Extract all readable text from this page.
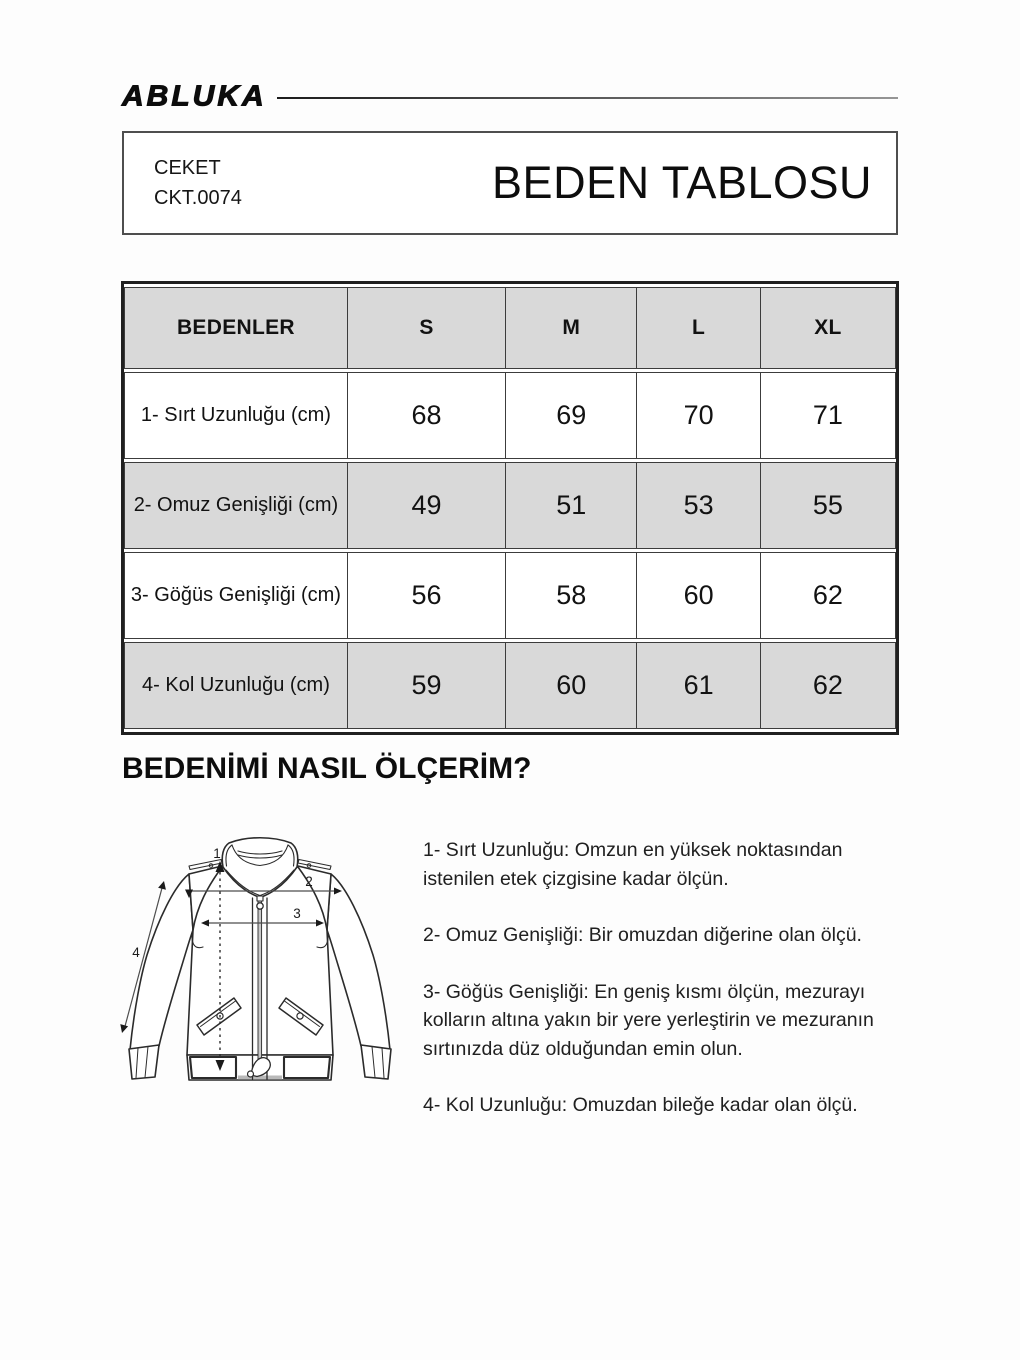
ABLUKA
CEKET
CKT.0074	BEDEN TABLOSU
BEDENLER	S	M	L	XL
1- Sırt Uzunluğu (cm)	68	69	70	71
2- Omuz Genişliği (cm)	49	51	53	55
3- Göğüs Genişliği (cm)	56	58	60	62
4- Kol Uzunluğu (cm)	59	60	61	62
BEDENİMİ NASIL ÖLÇERİM?
1
2
3
4

1- Sırt Uzunluğu: Omzun en yüksek noktasından istenilen etek çizgisine kadar ölçün.

2- Omuz Genişliği: Bir omuzdan diğerine olan ölçü.

3- Göğüs Genişliği: En geniş kısmı ölçün, mezurayı kolların altına yakın bir yere yerleştirin ve mezuranın sırtınızda düz olduğundan emin olun.

4- Kol Uzunluğu: Omuzdan bileğe kadar olan ölçü.
